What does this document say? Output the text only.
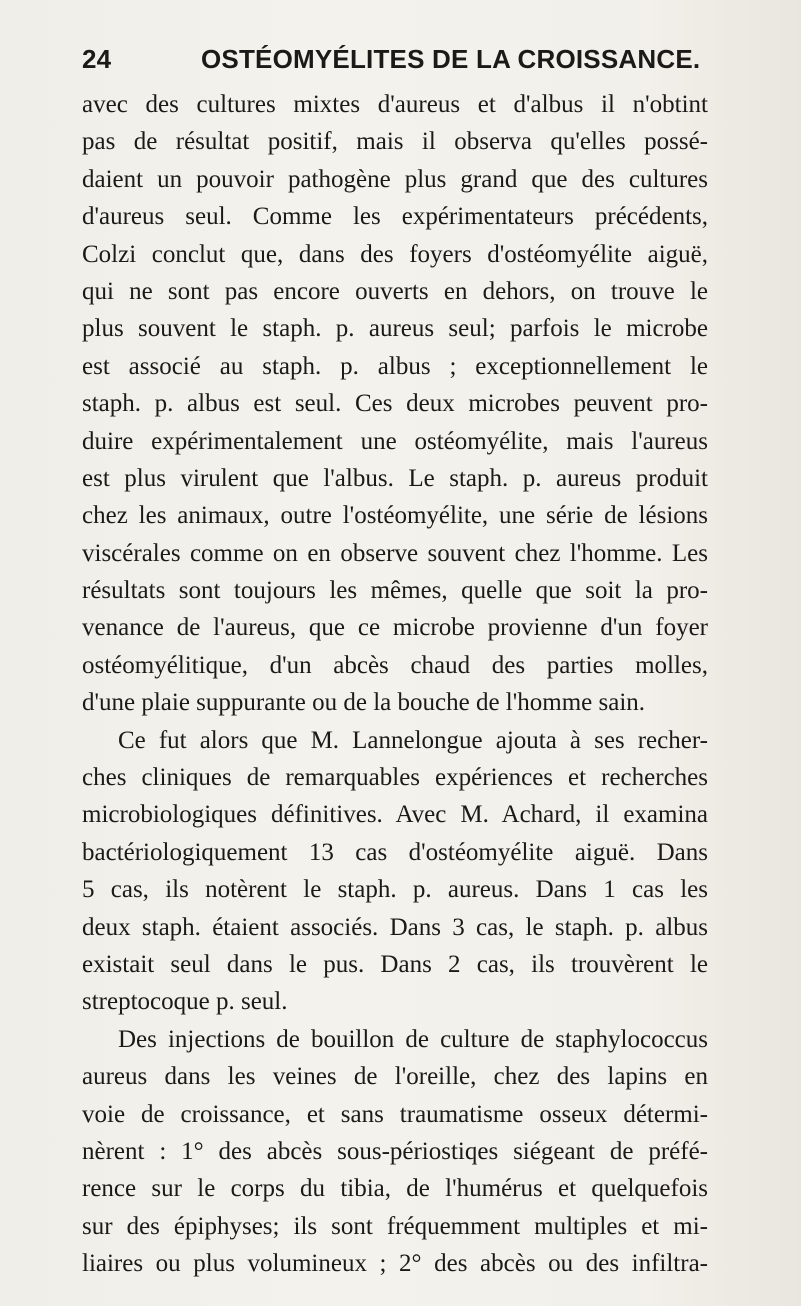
24	OSTÉOMYÉLITES DE LA CROISSANCE.
avec des cultures mixtes d'aureus et d'albus il n'obtint
pas de résultat positif, mais il observa qu'elles possé-
daient un pouvoir pathogène plus grand que des cultures
d'aureus seul. Comme les expérimentateurs précédents,
Colzi conclut que, dans des foyers d'ostéomyélite aiguë,
qui ne sont pas encore ouverts en dehors, on trouve le
plus souvent le staph. p. aureus seul; parfois le microbe
est associé au staph. p. albus ; exceptionnellement le
staph. p. albus est seul. Ces deux microbes peuvent pro-
duire expérimentalement une ostéomyélite, mais l'aureus
est plus virulent que l'albus. Le staph. p. aureus produit
chez les animaux, outre l'ostéomyélite, une série de lésions
viscérales comme on en observe souvent chez l'homme. Les
résultats sont toujours les mêmes, quelle que soit la pro-
venance de l'aureus, que ce microbe provienne d'un foyer
ostéomyélitique, d'un abcès chaud des parties molles,
d'une plaie suppurante ou de la bouche de l'homme sain.
Ce fut alors que M. Lannelongue ajouta à ses recher-
ches cliniques de remarquables expériences et recherches
microbiologiques définitives. Avec M. Achard, il examina
bactériologiquement 13 cas d'ostéomyélite aiguë. Dans
5 cas, ils notèrent le staph. p. aureus. Dans 1 cas les
deux staph. étaient associés. Dans 3 cas, le staph. p. albus
existait seul dans le pus. Dans 2 cas, ils trouvèrent le
streptocoque p. seul.
Des injections de bouillon de culture de staphylococcus
aureus dans les veines de l'oreille, chez des lapins en
voie de croissance, et sans traumatisme osseux détermi-
nèrent : 1° des abcès sous-périostiqes siégeant de préfé-
rence sur le corps du tibia, de l'humérus et quelquefois
sur des épiphyses; ils sont fréquemment multiples et mi-
liaires ou plus volumineux ; 2° des abcès ou des infiltra-
